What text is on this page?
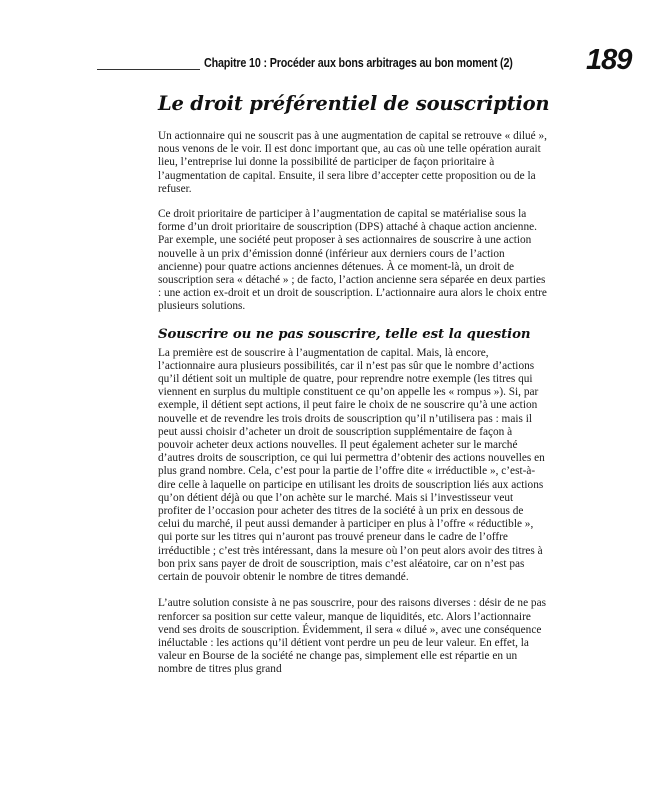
Chapitre 10 : Procéder aux bons arbitrages au bon moment (2)	189
Le droit préférentiel de souscription

Un actionnaire qui ne souscrit pas à une augmentation de capital se retrouve « dilué », nous venons de le voir. Il est donc important que, au cas où une telle opération aurait lieu, l’entreprise lui donne la possibilité de participer de façon prioritaire à l’augmentation de capital. Ensuite, il sera libre d’accepter cette proposition ou de la refuser.

Ce droit prioritaire de participer à l’augmentation de capital se matérialise sous la forme d’un droit prioritaire de souscription (DPS) attaché à chaque action ancienne. Par exemple, une société peut proposer à ses actionnaires de souscrire à une action nouvelle à un prix d’émission donné (inférieur aux derniers cours de l’action ancienne) pour quatre actions anciennes détenues. À ce moment-là, un droit de souscription sera « détaché » ; de facto, l’action ancienne sera séparée en deux parties : une action ex-droit et un droit de souscription. L’actionnaire aura alors le choix entre plusieurs solutions.

Souscrire ou ne pas souscrire, telle est la question

La première est de souscrire à l’augmentation de capital. Mais, là encore, l’actionnaire aura plusieurs possibilités, car il n’est pas sûr que le nombre d’actions qu’il détient soit un multiple de quatre, pour reprendre notre exemple (les titres qui viennent en surplus du multiple constituent ce qu’on appelle les « rompus »). Si, par exemple, il détient sept actions, il peut faire le choix de ne souscrire qu’à une action nouvelle et de revendre les trois droits de souscription qu’il n’utilisera pas : mais il peut aussi choisir d’acheter un droit de souscription supplémentaire de façon à pouvoir acheter deux actions nouvelles. Il peut également acheter sur le marché d’autres droits de souscription, ce qui lui permettra d’obtenir des actions nouvelles en plus grand nombre. Cela, c’est pour la partie de l’offre dite « irréductible », c’est-à-dire celle à laquelle on participe en utilisant les droits de souscription liés aux actions qu’on détient déjà ou que l’on achète sur le marché. Mais si l’investisseur veut profiter de l’occasion pour acheter des titres de la société à un prix en dessous de celui du marché, il peut aussi demander à participer en plus à l’offre « réductible », qui porte sur les titres qui n’auront pas trouvé preneur dans le cadre de l’offre irréductible ; c’est très intéressant, dans la mesure où l’on peut alors avoir des titres à bon prix sans payer de droit de souscription, mais c’est aléatoire, car on n’est pas certain de pouvoir obtenir le nombre de titres demandé.

L’autre solution consiste à ne pas souscrire, pour des raisons diverses : désir de ne pas renforcer sa position sur cette valeur, manque de liquidités, etc. Alors l’actionnaire vend ses droits de souscription. Évidemment, il sera « dilué », avec une conséquence inéluctable : les actions qu’il détient vont perdre un peu de leur valeur. En effet, la valeur en Bourse de la société ne change pas, simplement elle est répartie en un nombre de titres plus grand
